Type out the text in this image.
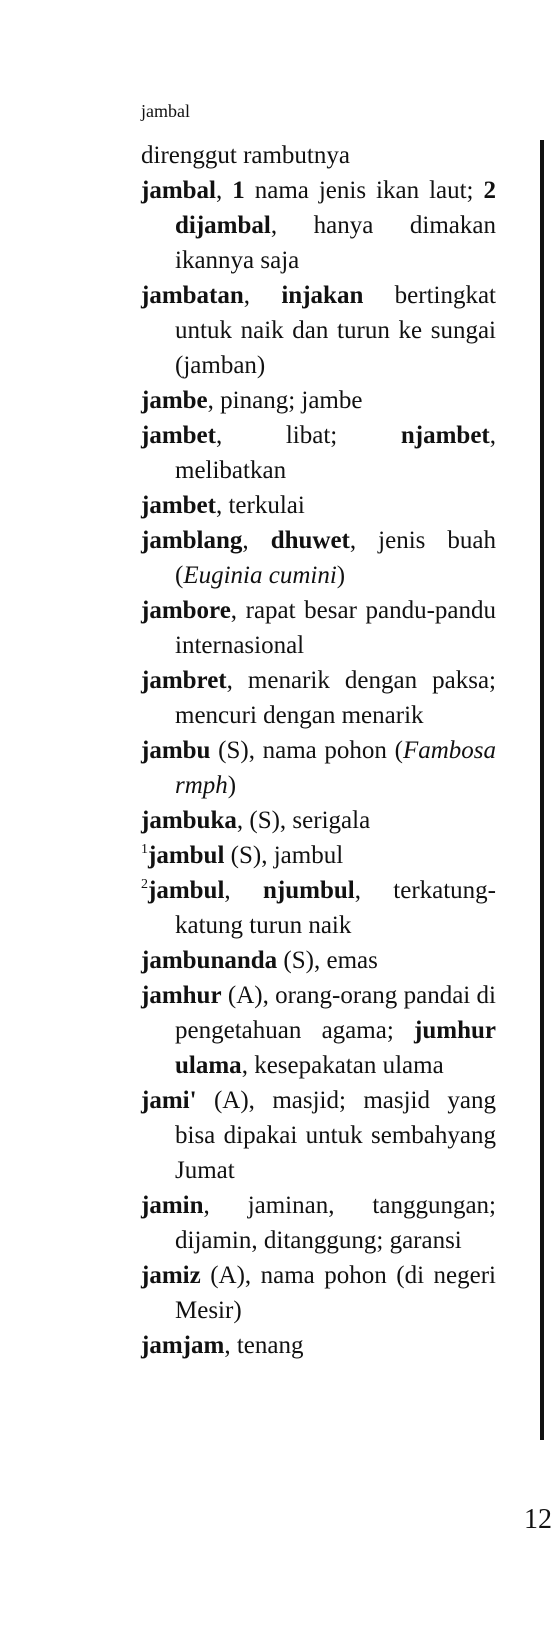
jambal

direnggut rambutnya

jambal, 1 nama jenis ikan laut; 2 dijambal, hanya dimakan ikannya saja

jambatan, injakan bertingkat untuk naik dan turun ke sungai (jamban)

jambe, pinang; jambe

jambet, libat; njambet, melibatkan

jambet, terkulai

jamblang, dhuwet, jenis buah (Euginia cumini)

jambore, rapat besar pandu-pandu internasional

jambret, menarik dengan paksa; mencuri dengan menarik

jambu (S), nama pohon (Fambosa rmph)

jambuka, (S), serigala

$^1$jambul (S), jambul

$^2$jambul, njumbul, terkatung-katung turun naik

jambunanda (S), emas

jamhur (A), orang-orang pandai di pengetahuan agama; jumhur ulama, kesepakatan ulama

jami' (A), masjid; masjid yang bisa dipakai untuk sembahyang Jumat

jamin, jaminan, tanggungan; dijamin, ditanggung; garansi

jamiz (A), nama pohon (di negeri Mesir)

jamjam, tenang

12
